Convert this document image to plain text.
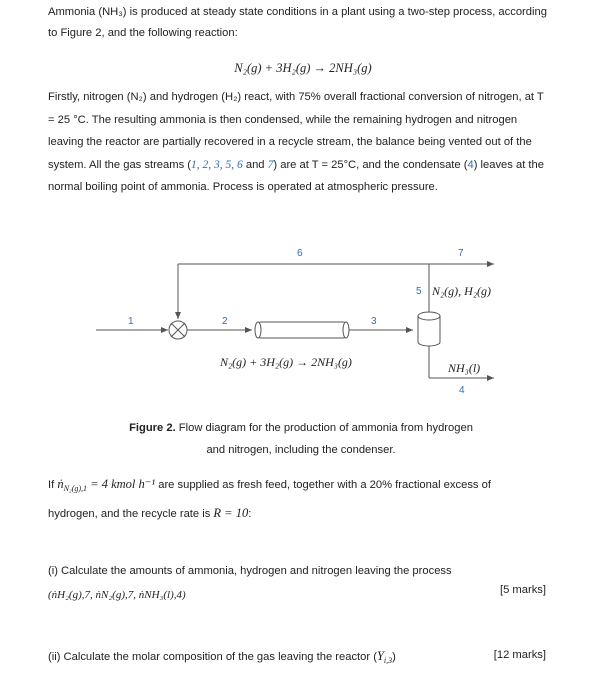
Ammonia (NH₃) is produced at steady state conditions in a plant using a two-step process, according
to Figure 2, and the following reaction:
N₂(g) + 3H₂(g) → 2NH₃(g)
Firstly, nitrogen (N₂) and hydrogen (H₂) react, with 75% overall fractional conversion of nitrogen, at T
= 25 °C. The resulting ammonia is then condensed, while the remaining hydrogen and nitrogen
leaving the reactor are partially recovered in a recycle stream, the balance being vented out of the
system. All the gas streams (1, 2, 3, 5, 6 and 7) are at T = 25°C, and the condensate (4) leaves at the
normal boiling point of ammonia. Process is operated at atmospheric pressure.
1	2	3
5
6	7
4
N₂(g), H₂(g)
N₂(g) + 3H₂(g) → 2NH₃(g)	NH₃(l)
Figure 2. Flow diagram for the production of ammonia from hydrogen
and nitrogen, including the condenser.
If ṅ$_{N_2(g),1}$ = 4 kmol h⁻¹ are supplied as fresh feed, together with a 20% fractional excess of
hydrogen, and the recycle rate is R = 10:
(i) Calculate the amounts of ammonia, hydrogen and nitrogen leaving the process
(ṅH₂(g),7, ṅN₂(g),7, ṅNH₃(l),4)	[5 marks]
(ii) Calculate the molar composition of the gas leaving the reactor $(Y_{i,3})$	[12 marks]
